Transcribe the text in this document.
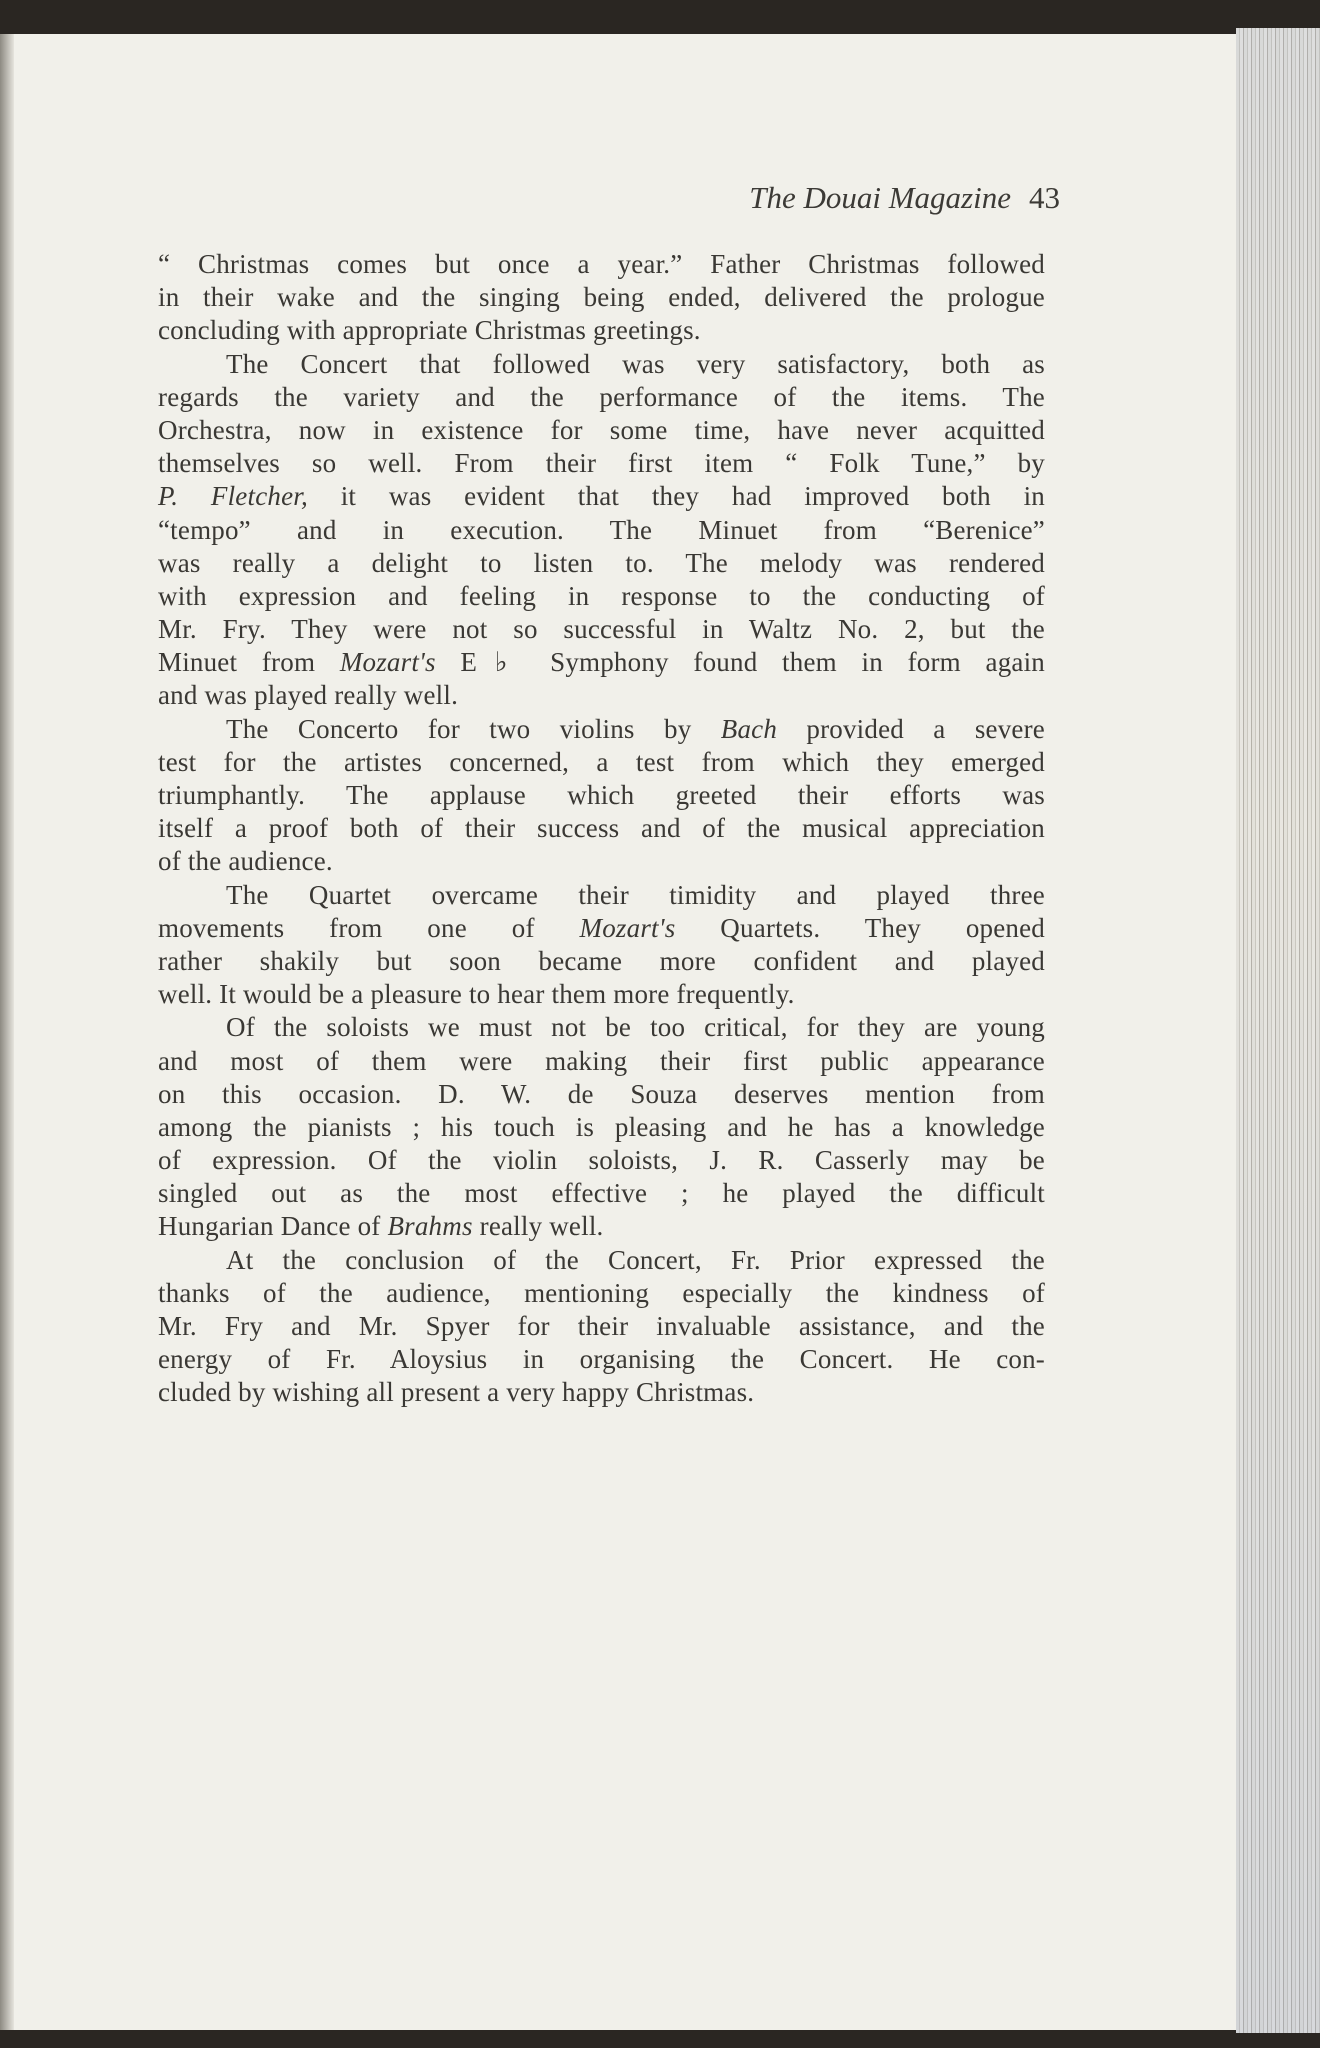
The Douai Magazine 43
“ Christmas comes but once a year.” Father Christmas followed
in their wake and the singing being ended, delivered the prologue
concluding with appropriate Christmas greetings.
The Concert that followed was very satisfactory, both as
regards the variety and the performance of the items. The
Orchestra, now in existence for some time, have never acquitted
themselves so well. From their first item “ Folk Tune,” by
P. Fletcher, it was evident that they had improved both in
“tempo” and in execution. The Minuet from “Berenice”
was really a delight to listen to. The melody was rendered
with expression and feeling in response to the conducting of
Mr. Fry. They were not so successful in Waltz No. 2, but the
Minuet from Mozart's E♭ Symphony found them in form again
and was played really well.
The Concerto for two violins by Bach provided a severe
test for the artistes concerned, a test from which they emerged
triumphantly. The applause which greeted their efforts was
itself a proof both of their success and of the musical appreciation
of the audience.
The Quartet overcame their timidity and played three
movements from one of Mozart's Quartets. They opened
rather shakily but soon became more confident and played
well. It would be a pleasure to hear them more frequently.
Of the soloists we must not be too critical, for they are young
and most of them were making their first public appearance
on this occasion. D. W. de Souza deserves mention from
among the pianists ; his touch is pleasing and he has a knowledge
of expression. Of the violin soloists, J. R. Casserly may be
singled out as the most effective ; he played the difficult
Hungarian Dance of Brahms really well.
At the conclusion of the Concert, Fr. Prior expressed the
thanks of the audience, mentioning especially the kindness of
Mr. Fry and Mr. Spyer for their invaluable assistance, and the
energy of Fr. Aloysius in organising the Concert. He con-
cluded by wishing all present a very happy Christmas.
